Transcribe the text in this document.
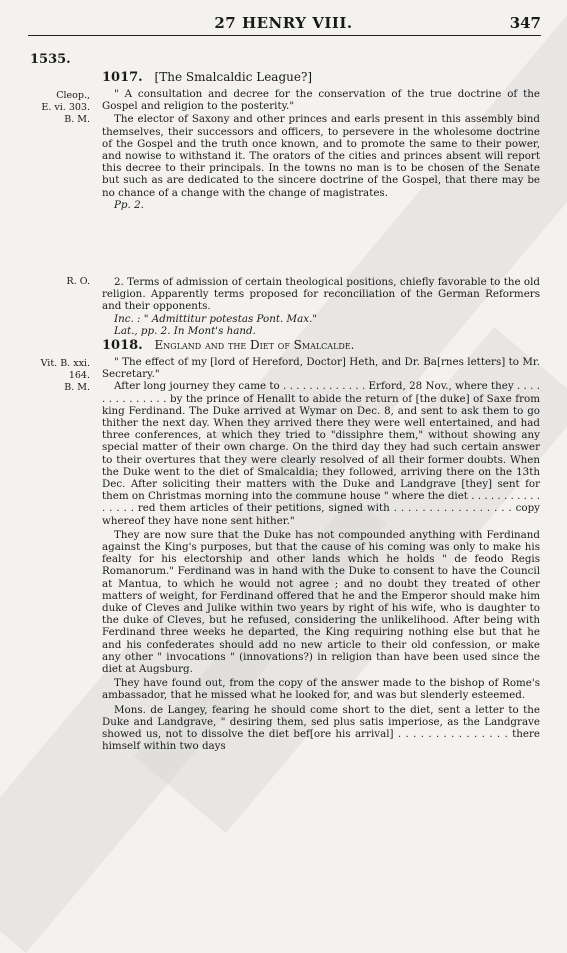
27 HENRY VIII.	347
1535.
1017. [The Smalcaldic League?]
Cleop.,
E. vi. 303.
B. M.

" A consultation and decree for the conservation of the true doctrine of the Gospel and religion to the posterity."

The elector of Saxony and other princes and earls present in this assembly bind themselves, their successors and officers, to persevere in the wholesome doctrine of the Gospel and the truth once known, and to promote the same to their power, and nowise to withstand it. The orators of the cities and princes absent will report this decree to their principals. In the towns no man is to be chosen of the Senate but such as are dedicated to the sincere doctrine of the Gospel, that there may be no chance of a change with the change of magistrates.

Pp. 2.

R. O.	2. Terms of admission of certain theological positions, chiefly favorable to the old religion. Apparently terms proposed for reconciliation of the German Reformers and their opponents.

Inc. : " Admittitur potestas Pont. Max."

Lat., pp. 2. In Mont's hand.

1018. England and the Diet of Smalcalde.
Vit. B. xxi.
164.
B. M.

" The effect of my [lord of Hereford, Doctor] Heth, and Dr. Ba[rnes letters] to Mr. Secretary."

After long journey they came to . . . . . . . . . . . . . Erford, 28 Nov., where they . . . . . . . . . . . . . . by the prince of Henallt to abide the return of [the duke] of Saxe from king Ferdinand. The Duke arrived at Wymar on Dec. 8, and sent to ask them to go thither the next day. When they arrived there they were well entertained, and had three conferences, at which they tried to "dissiphre them," without showing any special matter of their own charge. On the third day they had such certain answer to their overtures that they were clearly resolved of all their former doubts. When the Duke went to the diet of Smalcaldia; they followed, arriving there on the 13th Dec. After soliciting their matters with the Duke and Landgrave [they] sent for them on Christmas morning into the commune house " where the diet . . . . . . . . . . . . . . . . red them articles of their petitions, signed with . . . . . . . . . . . . . . . . . copy whereof they have none sent hither."

They are now sure that the Duke has not compounded anything with Ferdinand against the King's purposes, but that the cause of his coming was only to make his fealty for his electorship and other lands which he holds " de feodo Regis Romanorum." Ferdinand was in hand with the Duke to consent to have the Council at Mantua, to which he would not agree ; and no doubt they treated of other matters of weight, for Ferdinand offered that he and the Emperor should make him duke of Cleves and Julike within two years by right of his wife, who is daughter to the duke of Cleves, but he refused, considering the unlikelihood. After being with Ferdinand three weeks he departed, the King requiring nothing else but that he and his confederates should add no new article to their old confession, or make any other " invocations " (innovations?) in religion than have been used since the diet at Augsburg.

They have found out, from the copy of the answer made to the bishop of Rome's ambassador, that he missed what he looked for, and was but slenderly esteemed.

Mons. de Langey, fearing he should come short to the diet, sent a letter to the Duke and Landgrave, " desiring them, sed plus satis imperiose, as the Landgrave showed us, not to dissolve the diet bef[ore his arrival] . . . . . . . . . . . . . . . there himself within two days
